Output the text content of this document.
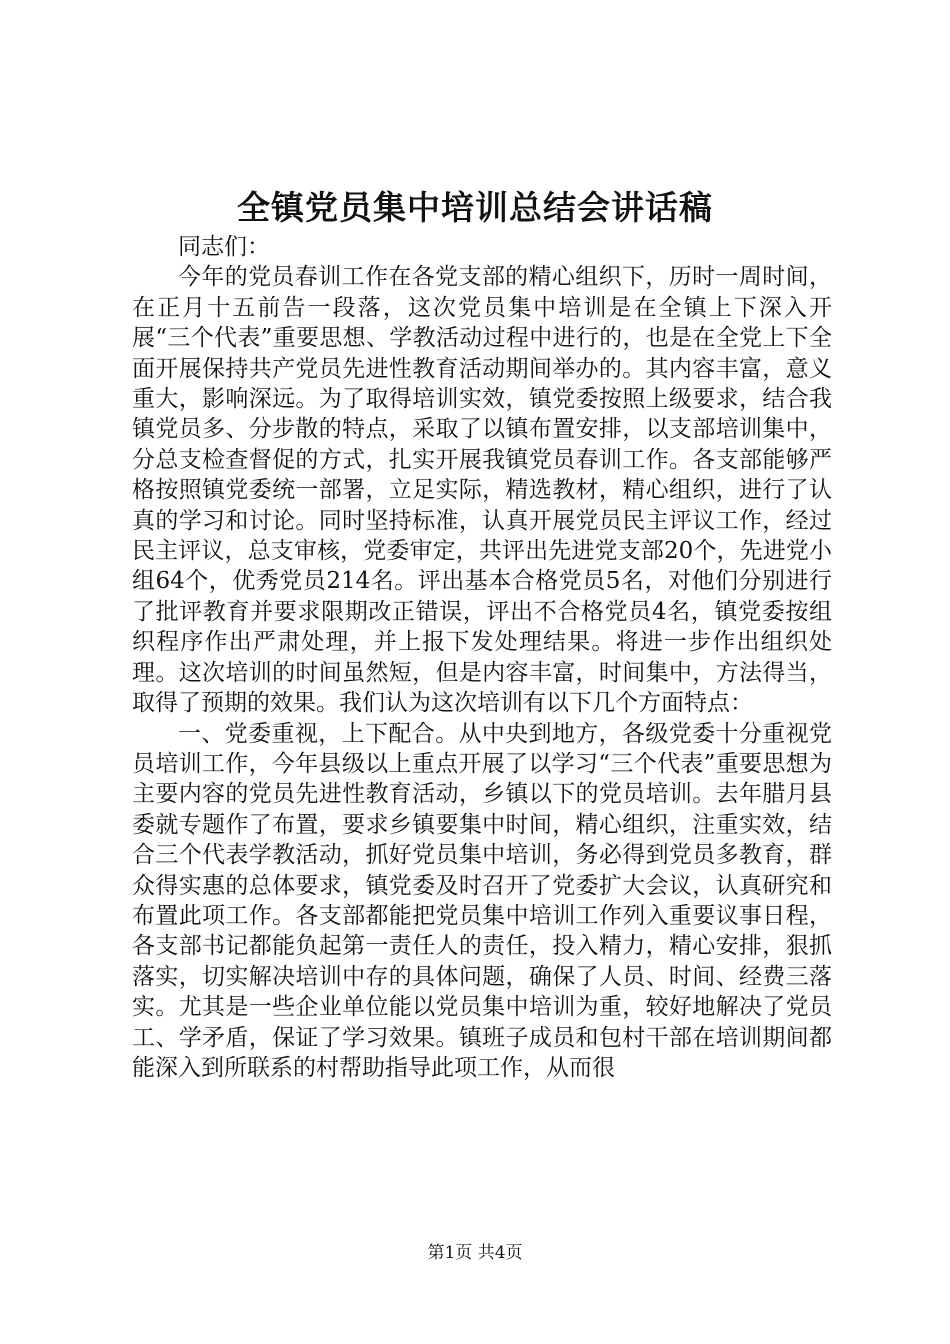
全镇党员集中培训总结会讲话稿

同志们：

今年的党员春训工作在各党支部的精心组织下，历时一周时间，在正月十五前告一段落，这次党员集中培训是在全镇上下深入开展“三个代表”重要思想、学教活动过程中进行的，也是在全党上下全面开展保持共产党员先进性教育活动期间举办的。其内容丰富，意义重大，影响深远。为了取得培训实效，镇党委按照上级要求，结合我镇党员多、分步散的特点，采取了以镇布置安排，以支部培训集中，分总支检查督促的方式，扎实开展我镇党员春训工作。各支部能够严格按照镇党委统一部署，立足实际，精选教材，精心组织，进行了认真的学习和讨论。同时坚持标准，认真开展党员民主评议工作，经过民主评议，总支审核，党委审定，共评出先进党支部20个，先进党小组64个，优秀党员214名。评出基本合格党员5名，对他们分别进行了批评教育并要求限期改正错误，评出不合格党员4名，镇党委按组织程序作出严肃处理，并上报下发处理结果。将进一步作出组织处理。这次培训的时间虽然短，但是内容丰富，时间集中，方法得当，取得了预期的效果。我们认为这次培训有以下几个方面特点：

一、党委重视，上下配合。从中央到地方，各级党委十分重视党员培训工作，今年县级以上重点开展了以学习“三个代表”重要思想为主要内容的党员先进性教育活动，乡镇以下的党员培训。去年腊月县委就专题作了布置，要求乡镇要集中时间，精心组织，注重实效，结合三个代表学教活动，抓好党员集中培训，务必得到党员多教育，群众得实惠的总体要求，镇党委及时召开了党委扩大会议，认真研究和布置此项工作。各支部都能把党员集中培训工作列入重要议事日程，各支部书记都能负起第一责任人的责任，投入精力，精心安排，狠抓落实，切实解决培训中存的具体问题，确保了人员、时间、经费三落实。尤其是一些企业单位能以党员集中培训为重，较好地解决了党员工、学矛盾，保证了学习效果。镇班子成员和包村干部在培训期间都能深入到所联系的村帮助指导此项工作，从而很

第1页 共4页
